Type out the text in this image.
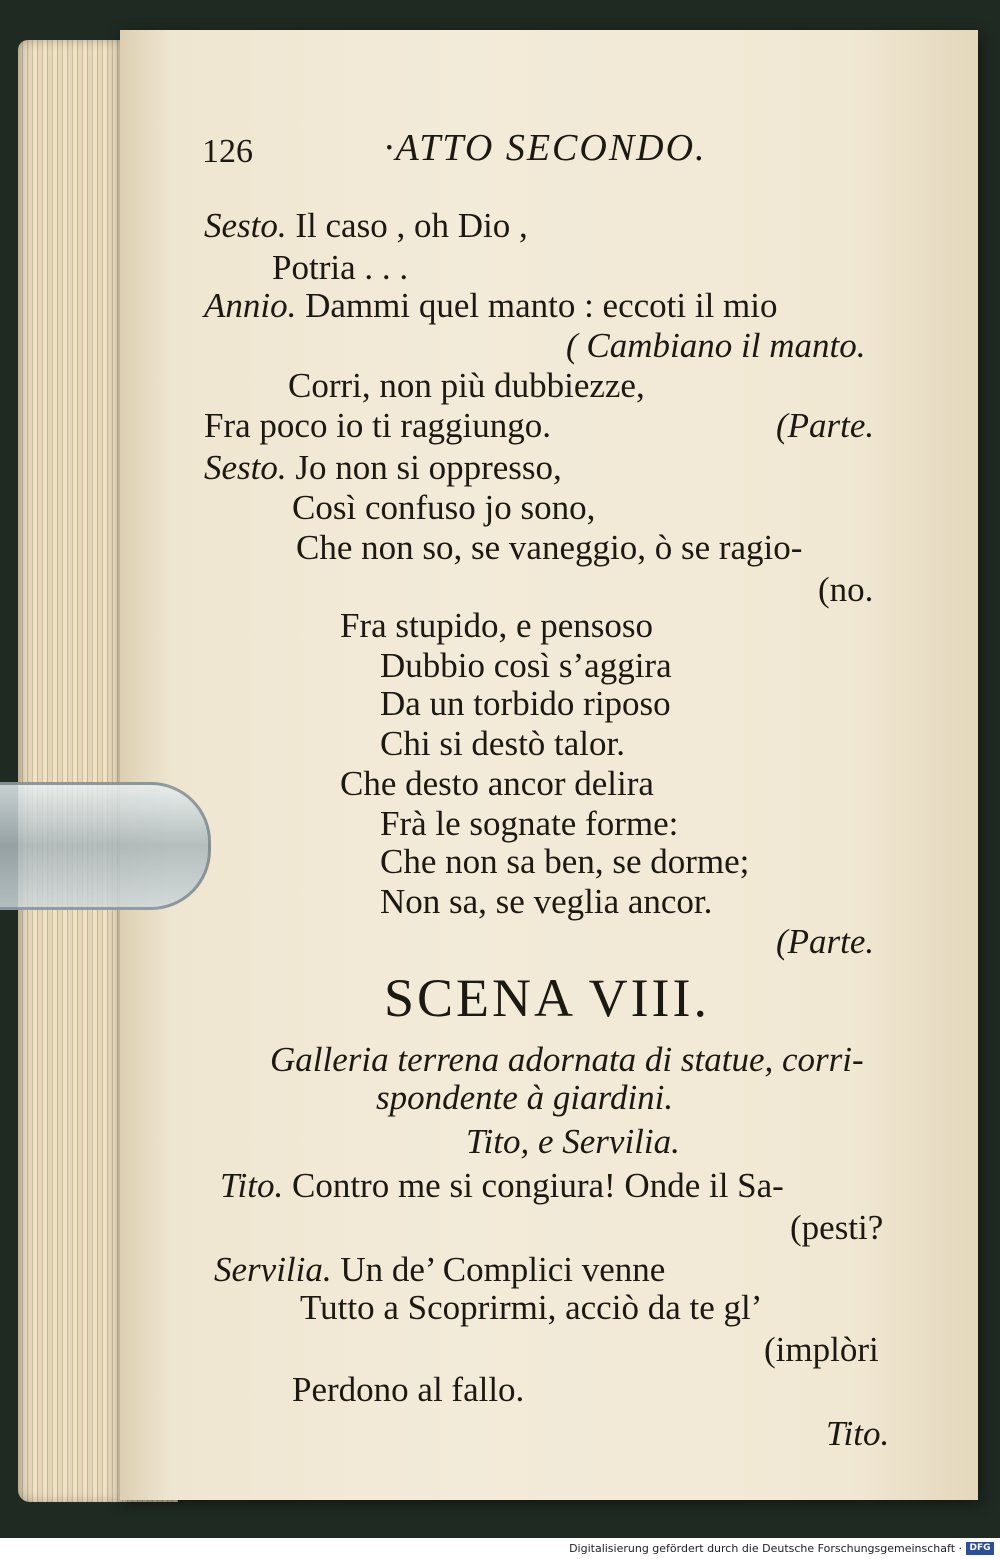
126	·ATTO SECONDO.
Sesto. Il caso , oh Dio ,
Potria . . .
Annio. Dammi quel manto : eccoti il mio
( Cambiano il manto.
Corri, non più dubbiezze,
Fra poco io ti raggiungo.	(Parte.
Sesto. Jo non si oppresso,
Così confuso jo sono,
Che non so, se vaneggio, ò se ragio-
(no.
Fra stupido, e pensoso
Dubbio così s’aggira
Da un torbido riposo
Chi si destò talor.
Che desto ancor delira
Frà le sognate forme:
Che non sa ben, se dorme;
Non sa, se veglia ancor.
(Parte.
SCENA VIII.
Galleria terrena adornata di statue, corri-
spondente à giardini.
Tito, e Servilia.
Tito. Contro me si congiura! Onde il Sa-
(pesti?
Servilia. Un de’ Complici venne
Tutto a Scoprirmi, acciò da te gl’
(implòri
Perdono al fallo.
Tito.
Digitalisierung gefördert durch die Deutsche Forschungsgemeinschaft · DFG
